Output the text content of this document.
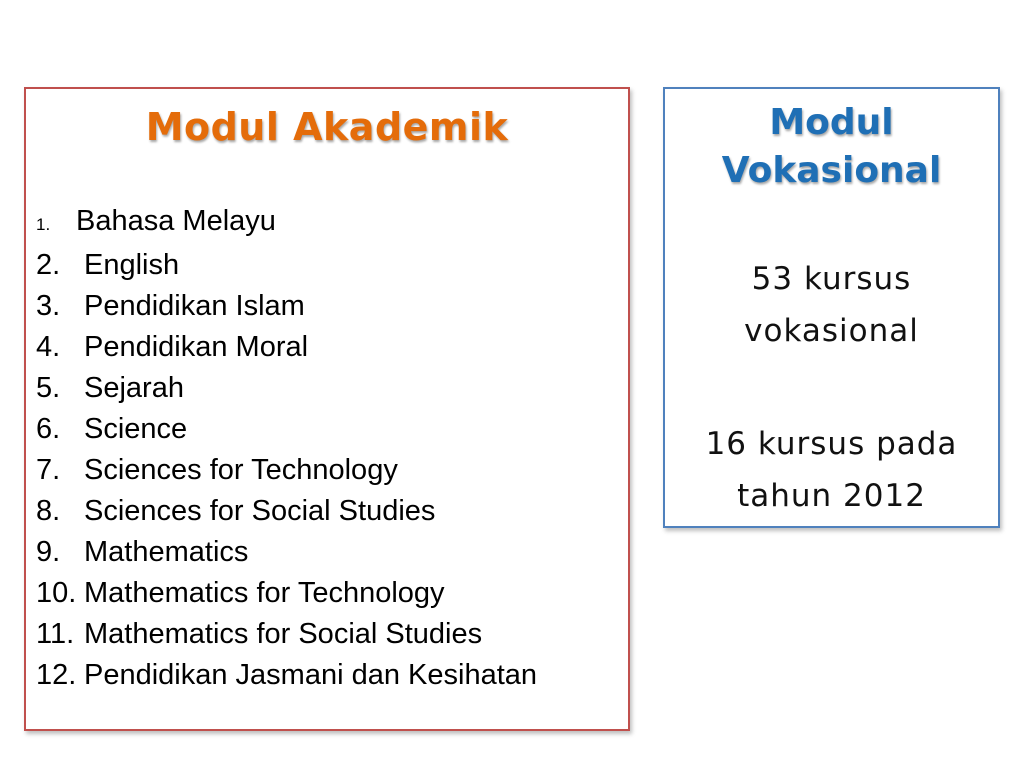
Modul Akademik
1. Bahasa Melayu
2. English
3. Pendidikan Islam
4. Pendidikan Moral
5. Sejarah
6. Science
7. Sciences for Technology
8. Sciences for Social Studies
9. Mathematics
10. Mathematics for Technology
11. Mathematics for Social Studies
12. Pendidikan Jasmani dan Kesihatan
Modul
Vokasional
53 kursus
vokasional
16 kursus pada
tahun 2012
